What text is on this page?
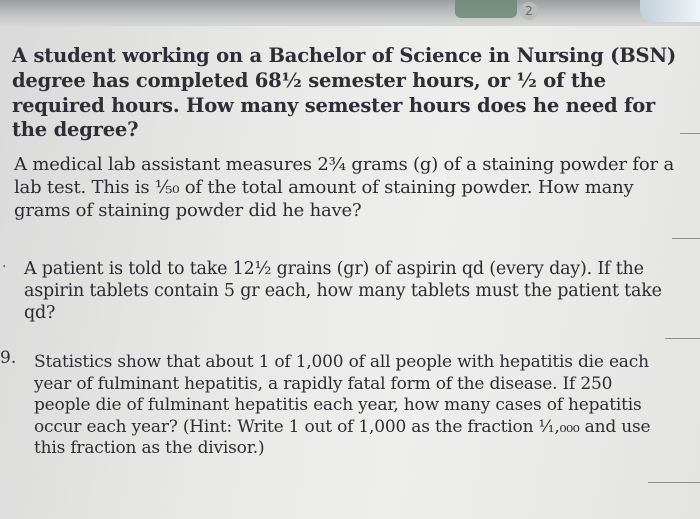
2

A student working on a Bachelor of Science in Nursing (BSN) degree has completed 68½ semester hours, or ½ of the required hours. How many semester hours does he need for the degree?

A medical lab assistant measures 2¾ grams (g) of a staining powder for a lab test. This is ⅕₀ of the total amount of staining powder. How many grams of staining powder did he have?

. A patient is told to take 12½ grains (gr) of aspirin qd (every day). If the aspirin tablets contain 5 gr each, how many tablets must the patient take qd?

9. Statistics show that about 1 of 1,000 of all people with hepatitis die each year of fulminant hepatitis, a rapidly fatal form of the disease. If 250 people die of fulminant hepatitis each year, how many cases of hepatitis occur each year? (Hint: Write 1 out of 1,000 as the fraction ¹⁄₁,₀₀₀ and use this fraction as the divisor.)
